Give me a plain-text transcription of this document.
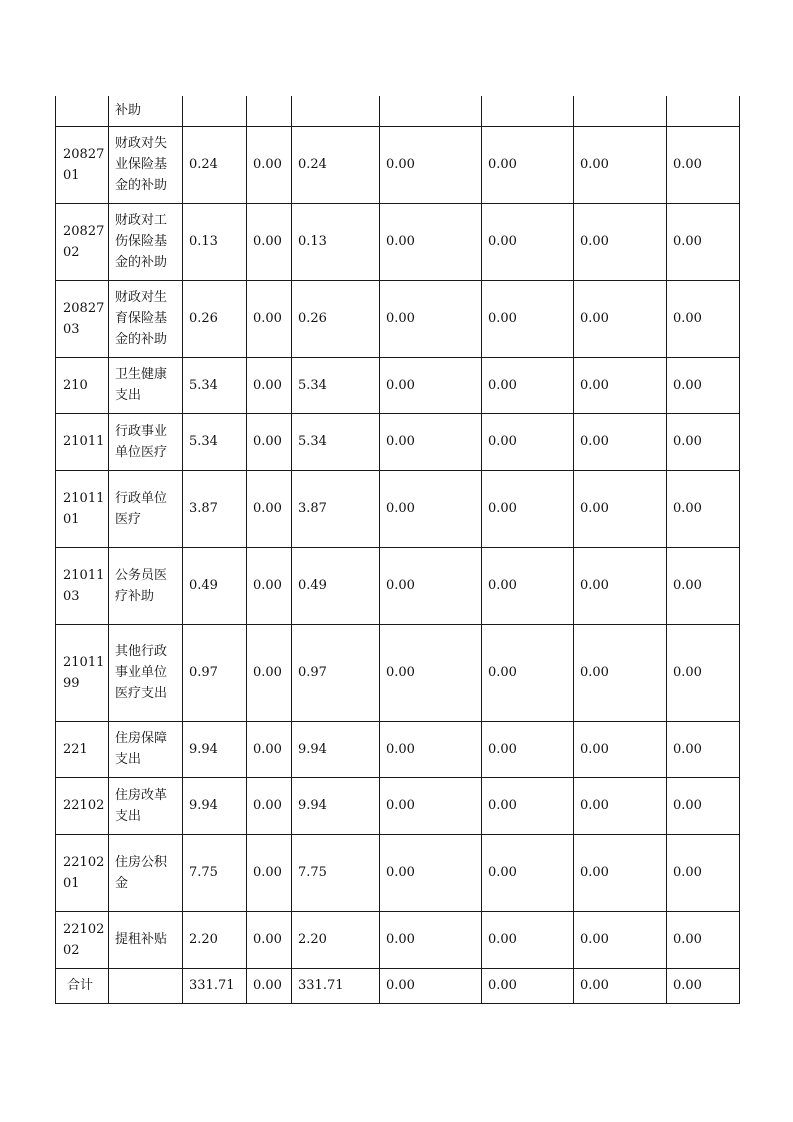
	补助							
20827
01	财政对失
业保险基
金的补助	0.24	0.00	0.24	0.00	0.00	0.00	0.00
20827
02	财政对工
伤保险基
金的补助	0.13	0.00	0.13	0.00	0.00	0.00	0.00
20827
03	财政对生
育保险基
金的补助	0.26	0.00	0.26	0.00	0.00	0.00	0.00
210	卫生健康
支出	5.34	0.00	5.34	0.00	0.00	0.00	0.00
21011	行政事业
单位医疗	5.34	0.00	5.34	0.00	0.00	0.00	0.00
21011
01	行政单位
医疗	3.87	0.00	3.87	0.00	0.00	0.00	0.00
21011
03	公务员医
疗补助	0.49	0.00	0.49	0.00	0.00	0.00	0.00
21011
99	其他行政
事业单位
医疗支出	0.97	0.00	0.97	0.00	0.00	0.00	0.00
221	住房保障
支出	9.94	0.00	9.94	0.00	0.00	0.00	0.00
22102	住房改革
支出	9.94	0.00	9.94	0.00	0.00	0.00	0.00
22102
01	住房公积
金	7.75	0.00	7.75	0.00	0.00	0.00	0.00
22102
02	提租补贴	2.20	0.00	2.20	0.00	0.00	0.00	0.00
合计		331.71	0.00	331.71	0.00	0.00	0.00	0.00
